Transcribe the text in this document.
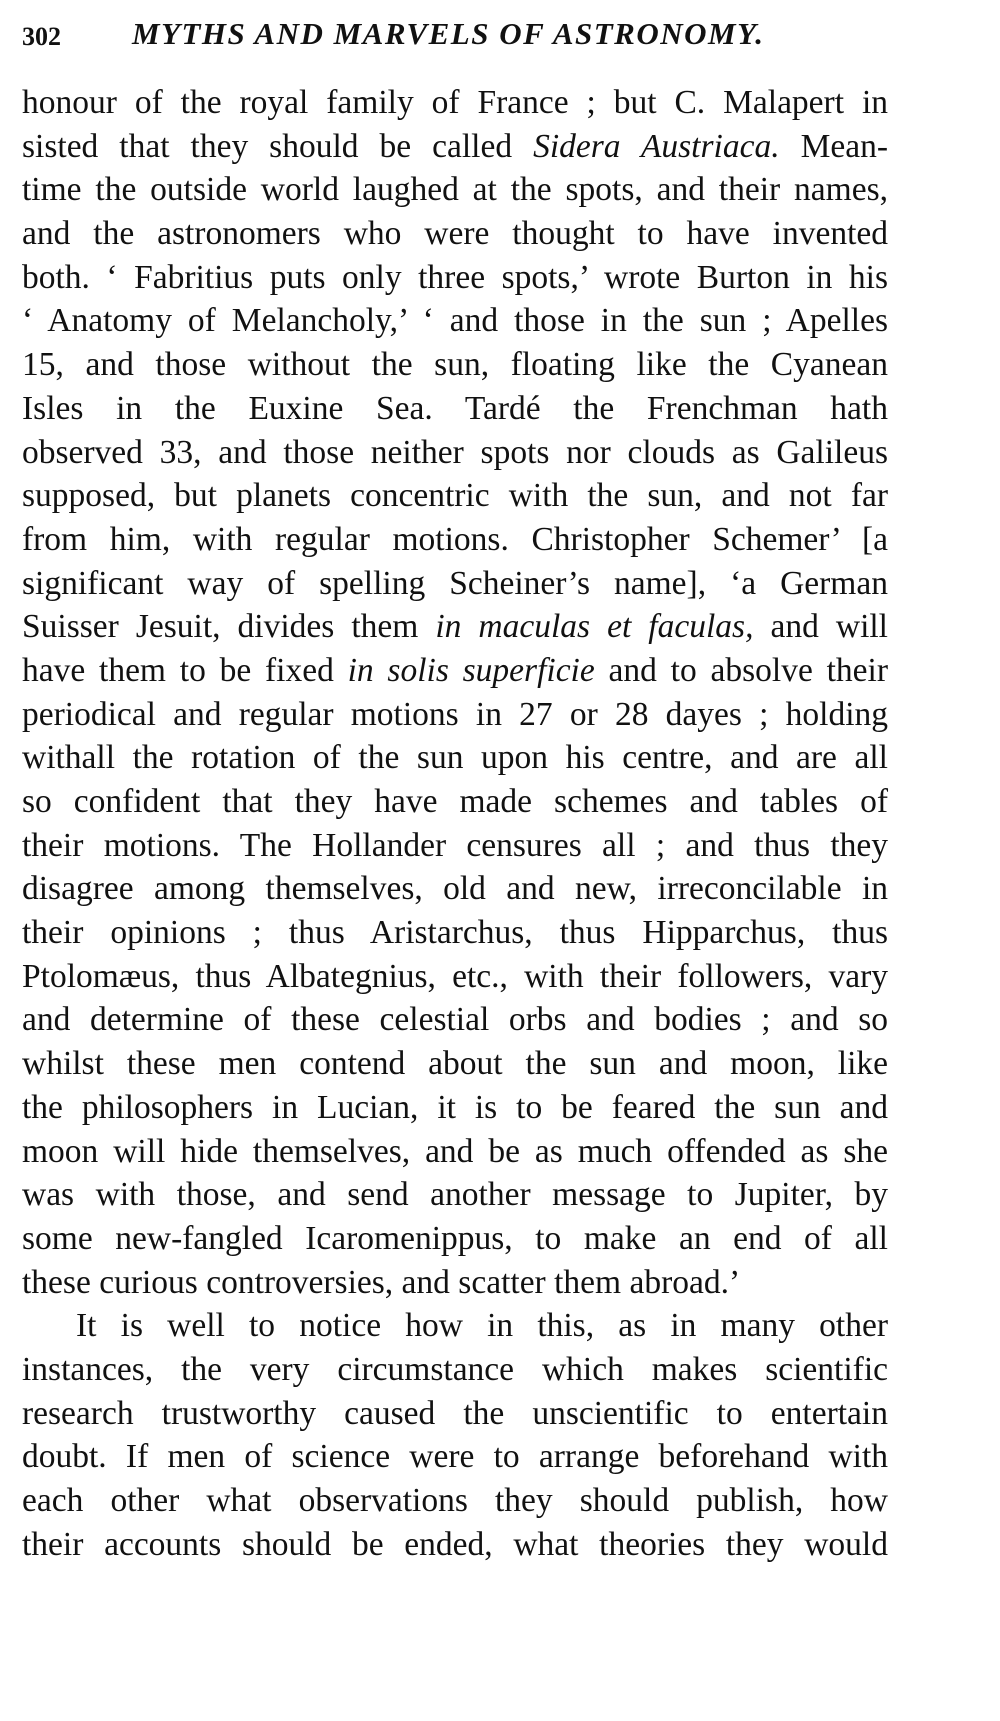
302 MYTHS AND MARVELS OF ASTRONOMY.
honour of the royal family of France ; but C. Malapert in
sisted that they should be called Sidera Austriaca. Mean-
time the outside world laughed at the spots, and their names,
and the astronomers who were thought to have invented
both. ‘ Fabritius puts only three spots,’ wrote Burton in his
‘ Anatomy of Melancholy,’ ‘ and those in the sun ; Apelles
15, and those without the sun, floating like the Cyanean
Isles in the Euxine Sea. Tardé the Frenchman hath
observed 33, and those neither spots nor clouds as Galileus
supposed, but planets concentric with the sun, and not far
from him, with regular motions. Christopher Schemer’ [a
significant way of spelling Scheiner’s name], ‘a German
Suisser Jesuit, divides them in maculas et faculas, and will
have them to be fixed in solis superficie and to absolve their
periodical and regular motions in 27 or 28 dayes ; holding
withall the rotation of the sun upon his centre, and are all
so confident that they have made schemes and tables of
their motions. The Hollander censures all ; and thus they
disagree among themselves, old and new, irreconcilable in
their opinions ; thus Aristarchus, thus Hipparchus, thus
Ptolomæus, thus Albategnius, etc., with their followers, vary
and determine of these celestial orbs and bodies ; and so
whilst these men contend about the sun and moon, like
the philosophers in Lucian, it is to be feared the sun and
moon will hide themselves, and be as much offended as she
was with those, and send another message to Jupiter, by
some new-fangled Icaromenippus, to make an end of all
these curious controversies, and scatter them abroad.’
It is well to notice how in this, as in many other
instances, the very circumstance which makes scientific
research trustworthy caused the unscientific to entertain
doubt. If men of science were to arrange beforehand with
each other what observations they should publish, how
their accounts should be ended, what theories they would
